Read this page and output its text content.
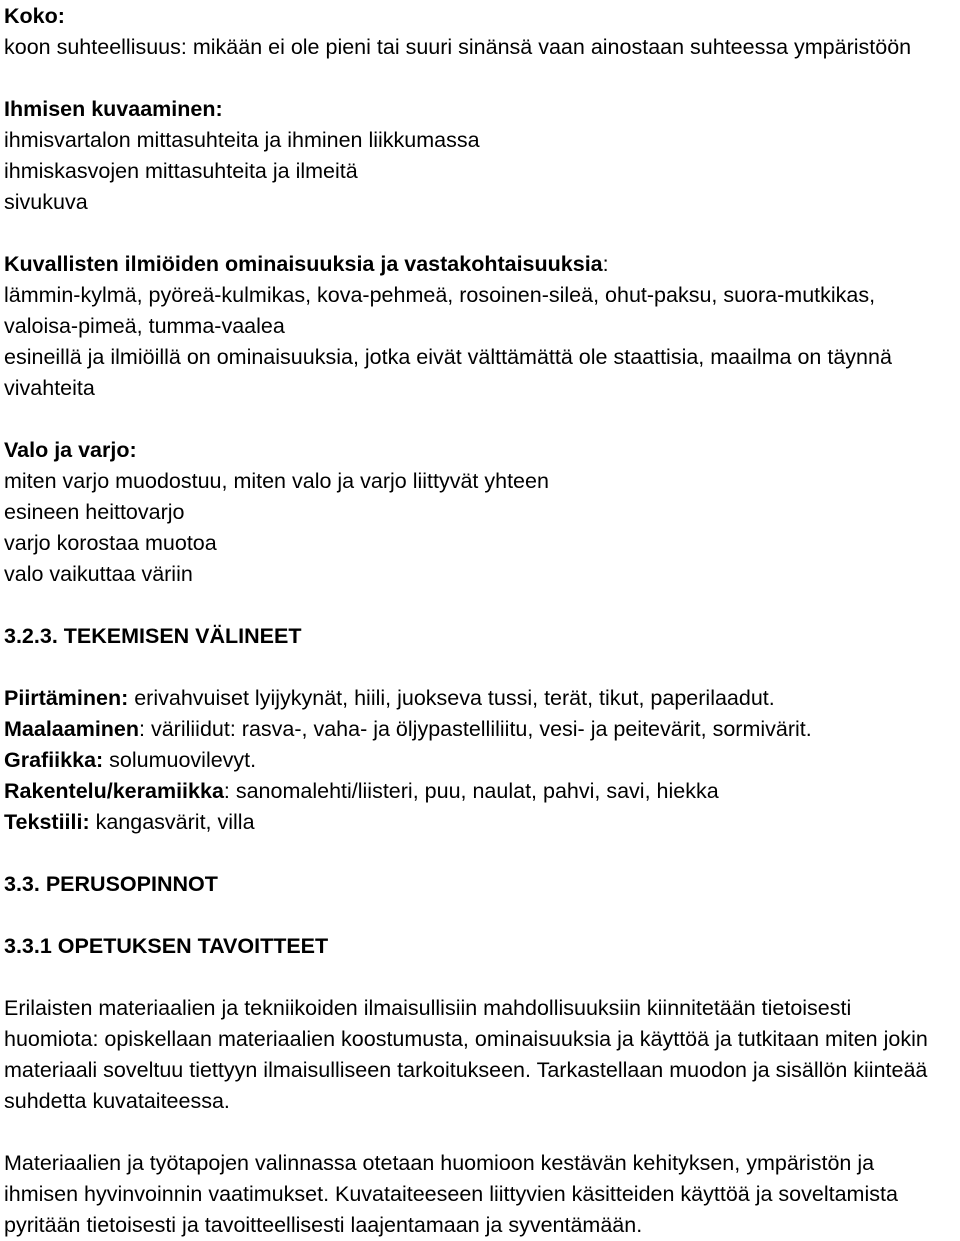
Koko:
koon suhteellisuus: mikään ei ole pieni tai suuri sinänsä vaan ainostaan suhteessa ympäristöön
Ihmisen kuvaaminen:
ihmisvartalon mittasuhteita ja ihminen liikkumassa
ihmiskasvojen mittasuhteita ja ilmeitä
sivukuva
Kuvallisten ilmiöiden ominaisuuksia ja vastakohtaisuuksia:
lämmin-kylmä, pyöreä-kulmikas, kova-pehmeä, rosoinen-sileä, ohut-paksu, suora-mutkikas,
valoisa-pimeä, tumma-vaalea
esineillä ja ilmiöillä on ominaisuuksia, jotka eivät välttämättä ole staattisia, maailma on täynnä
vivahteita
Valo ja varjo:
miten varjo muodostuu, miten valo ja varjo liittyvät yhteen
esineen heittovarjo
varjo korostaa muotoa
valo vaikuttaa väriin
3.2.3. TEKEMISEN VÄLINEET
Piirtäminen: erivahvuiset lyijykynät, hiili, juokseva tussi, terät, tikut, paperilaadut.
Maalaaminen: väriliidut: rasva-, vaha- ja öljypastelliliitu, vesi- ja peitevärit, sormivärit.
Grafiikka: solumuovilevyt.
Rakentelu/keramiikka: sanomalehti/liisteri, puu, naulat, pahvi, savi, hiekka
Tekstiili: kangasvärit, villa
3.3. PERUSOPINNOT
3.3.1 OPETUKSEN TAVOITTEET
Erilaisten materiaalien ja tekniikoiden ilmaisullisiin mahdollisuuksiin kiinnitetään tietoisesti
huomiota: opiskellaan materiaalien koostumusta, ominaisuuksia ja käyttöä ja tutkitaan miten jokin
materiaali soveltuu tiettyyn ilmaisulliseen tarkoitukseen. Tarkastellaan muodon ja sisällön kiinteää
suhdetta kuvataiteessa.
Materiaalien ja työtapojen valinnassa otetaan huomioon kestävän kehityksen, ympäristön ja
ihmisen hyvinvoinnin vaatimukset. Kuvataiteeseen liittyvien käsitteiden käyttöä ja soveltamista
pyritään tietoisesti ja tavoitteellisesti laajentamaan ja syventämään.
